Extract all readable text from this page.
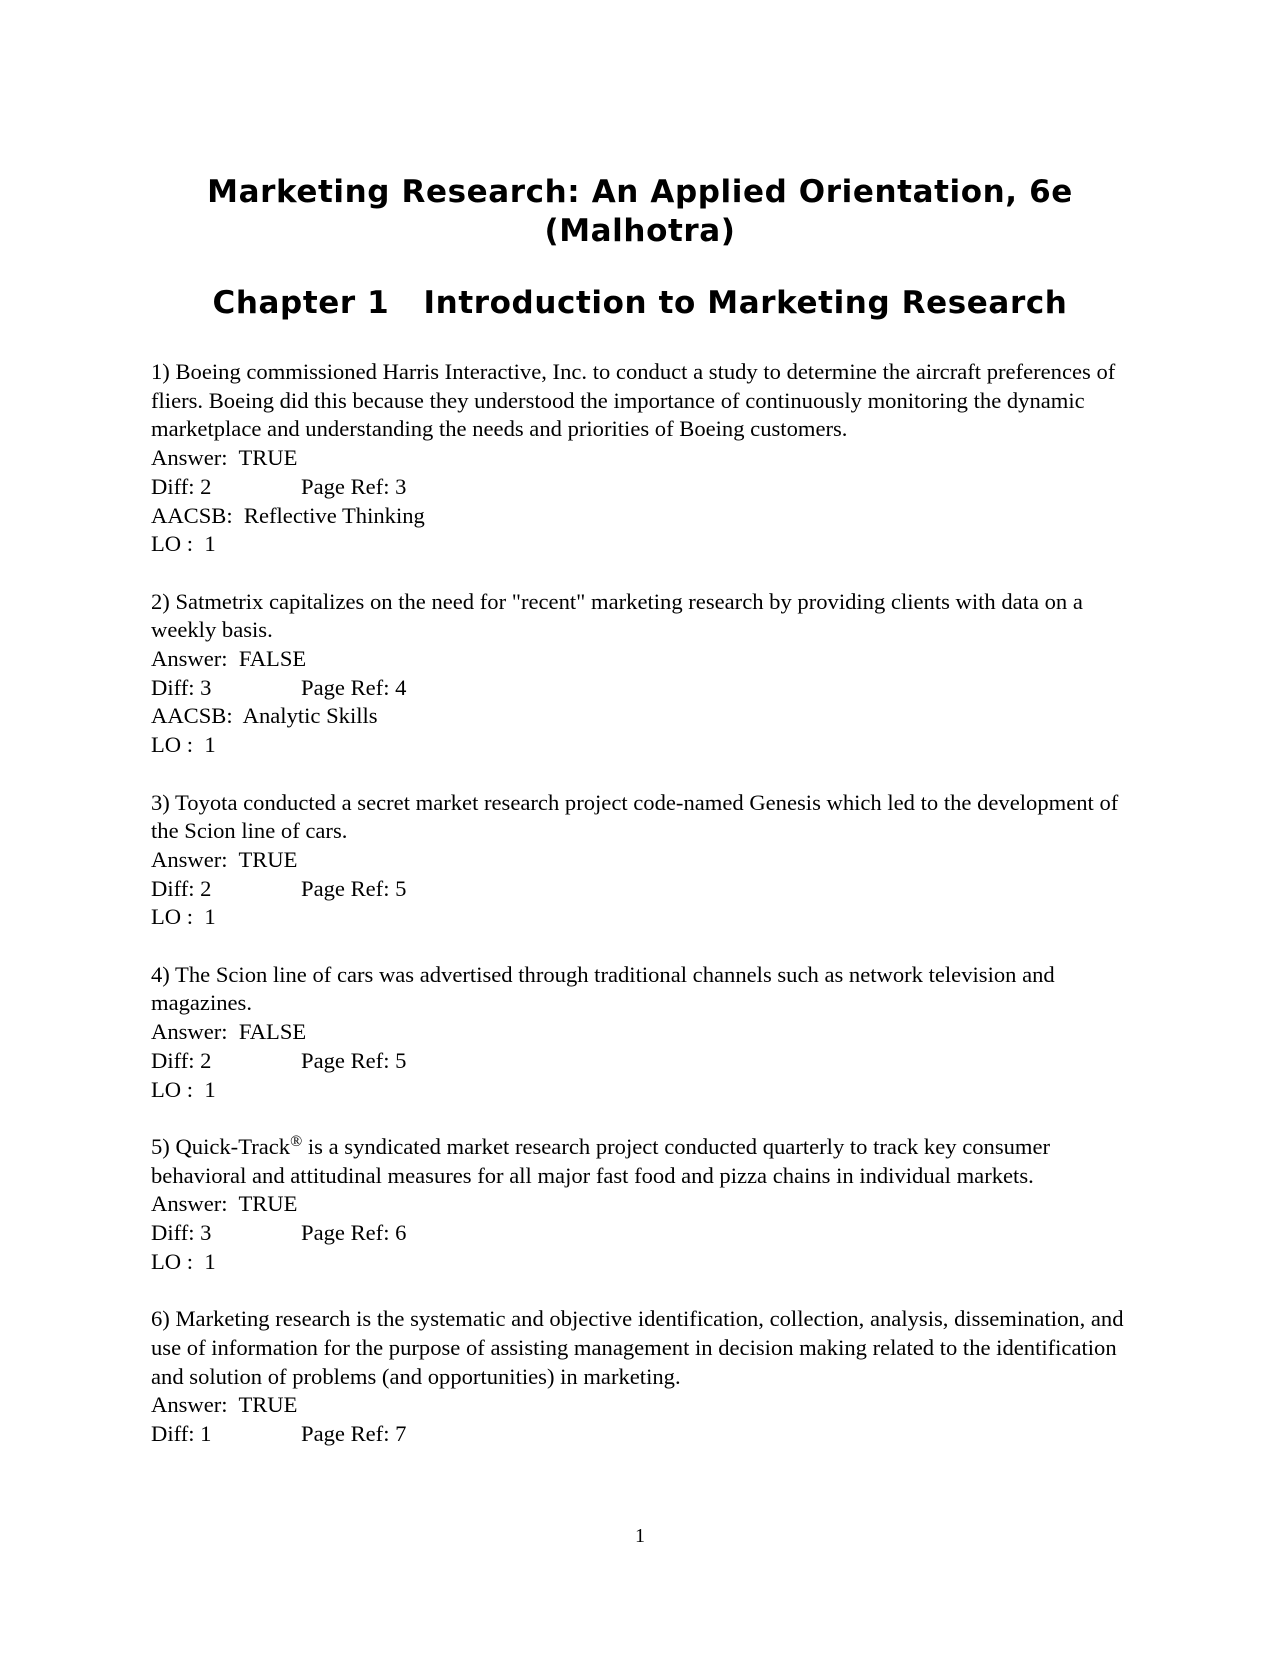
Marketing Research: An Applied Orientation, 6e (Malhotra)
Chapter 1 Introduction to Marketing Research

1) Boeing commissioned Harris Interactive, Inc. to conduct a study to determine the aircraft preferences of fliers. Boeing did this because they understood the importance of continuously monitoring the dynamic marketplace and understanding the needs and priorities of Boeing customers.

Answer:  TRUE

Diff: 2	Page Ref: 3

AACSB:  Reflective Thinking

LO :  1

2) Satmetrix capitalizes on the need for "recent" marketing research by providing clients with data on a weekly basis.

Answer:  FALSE

Diff: 3	Page Ref: 4

AACSB:  Analytic Skills

LO :  1

3) Toyota conducted a secret market research project code-named Genesis which led to the development of the Scion line of cars.

Answer:  TRUE

Diff: 2	Page Ref: 5

LO :  1

4) The Scion line of cars was advertised through traditional channels such as network television and magazines.

Answer:  FALSE

Diff: 2	Page Ref: 5

LO :  1

5) Quick-Track® is a syndicated market research project conducted quarterly to track key consumer behavioral and attitudinal measures for all major fast food and pizza chains in individual markets.

Answer:  TRUE

Diff: 3	Page Ref: 6

LO :  1

6) Marketing research is the systematic and objective identification, collection, analysis, dissemination, and use of information for the purpose of assisting management in decision making related to the identification and solution of problems (and opportunities) in marketing.

Answer:  TRUE

Diff: 1	Page Ref: 7

1
